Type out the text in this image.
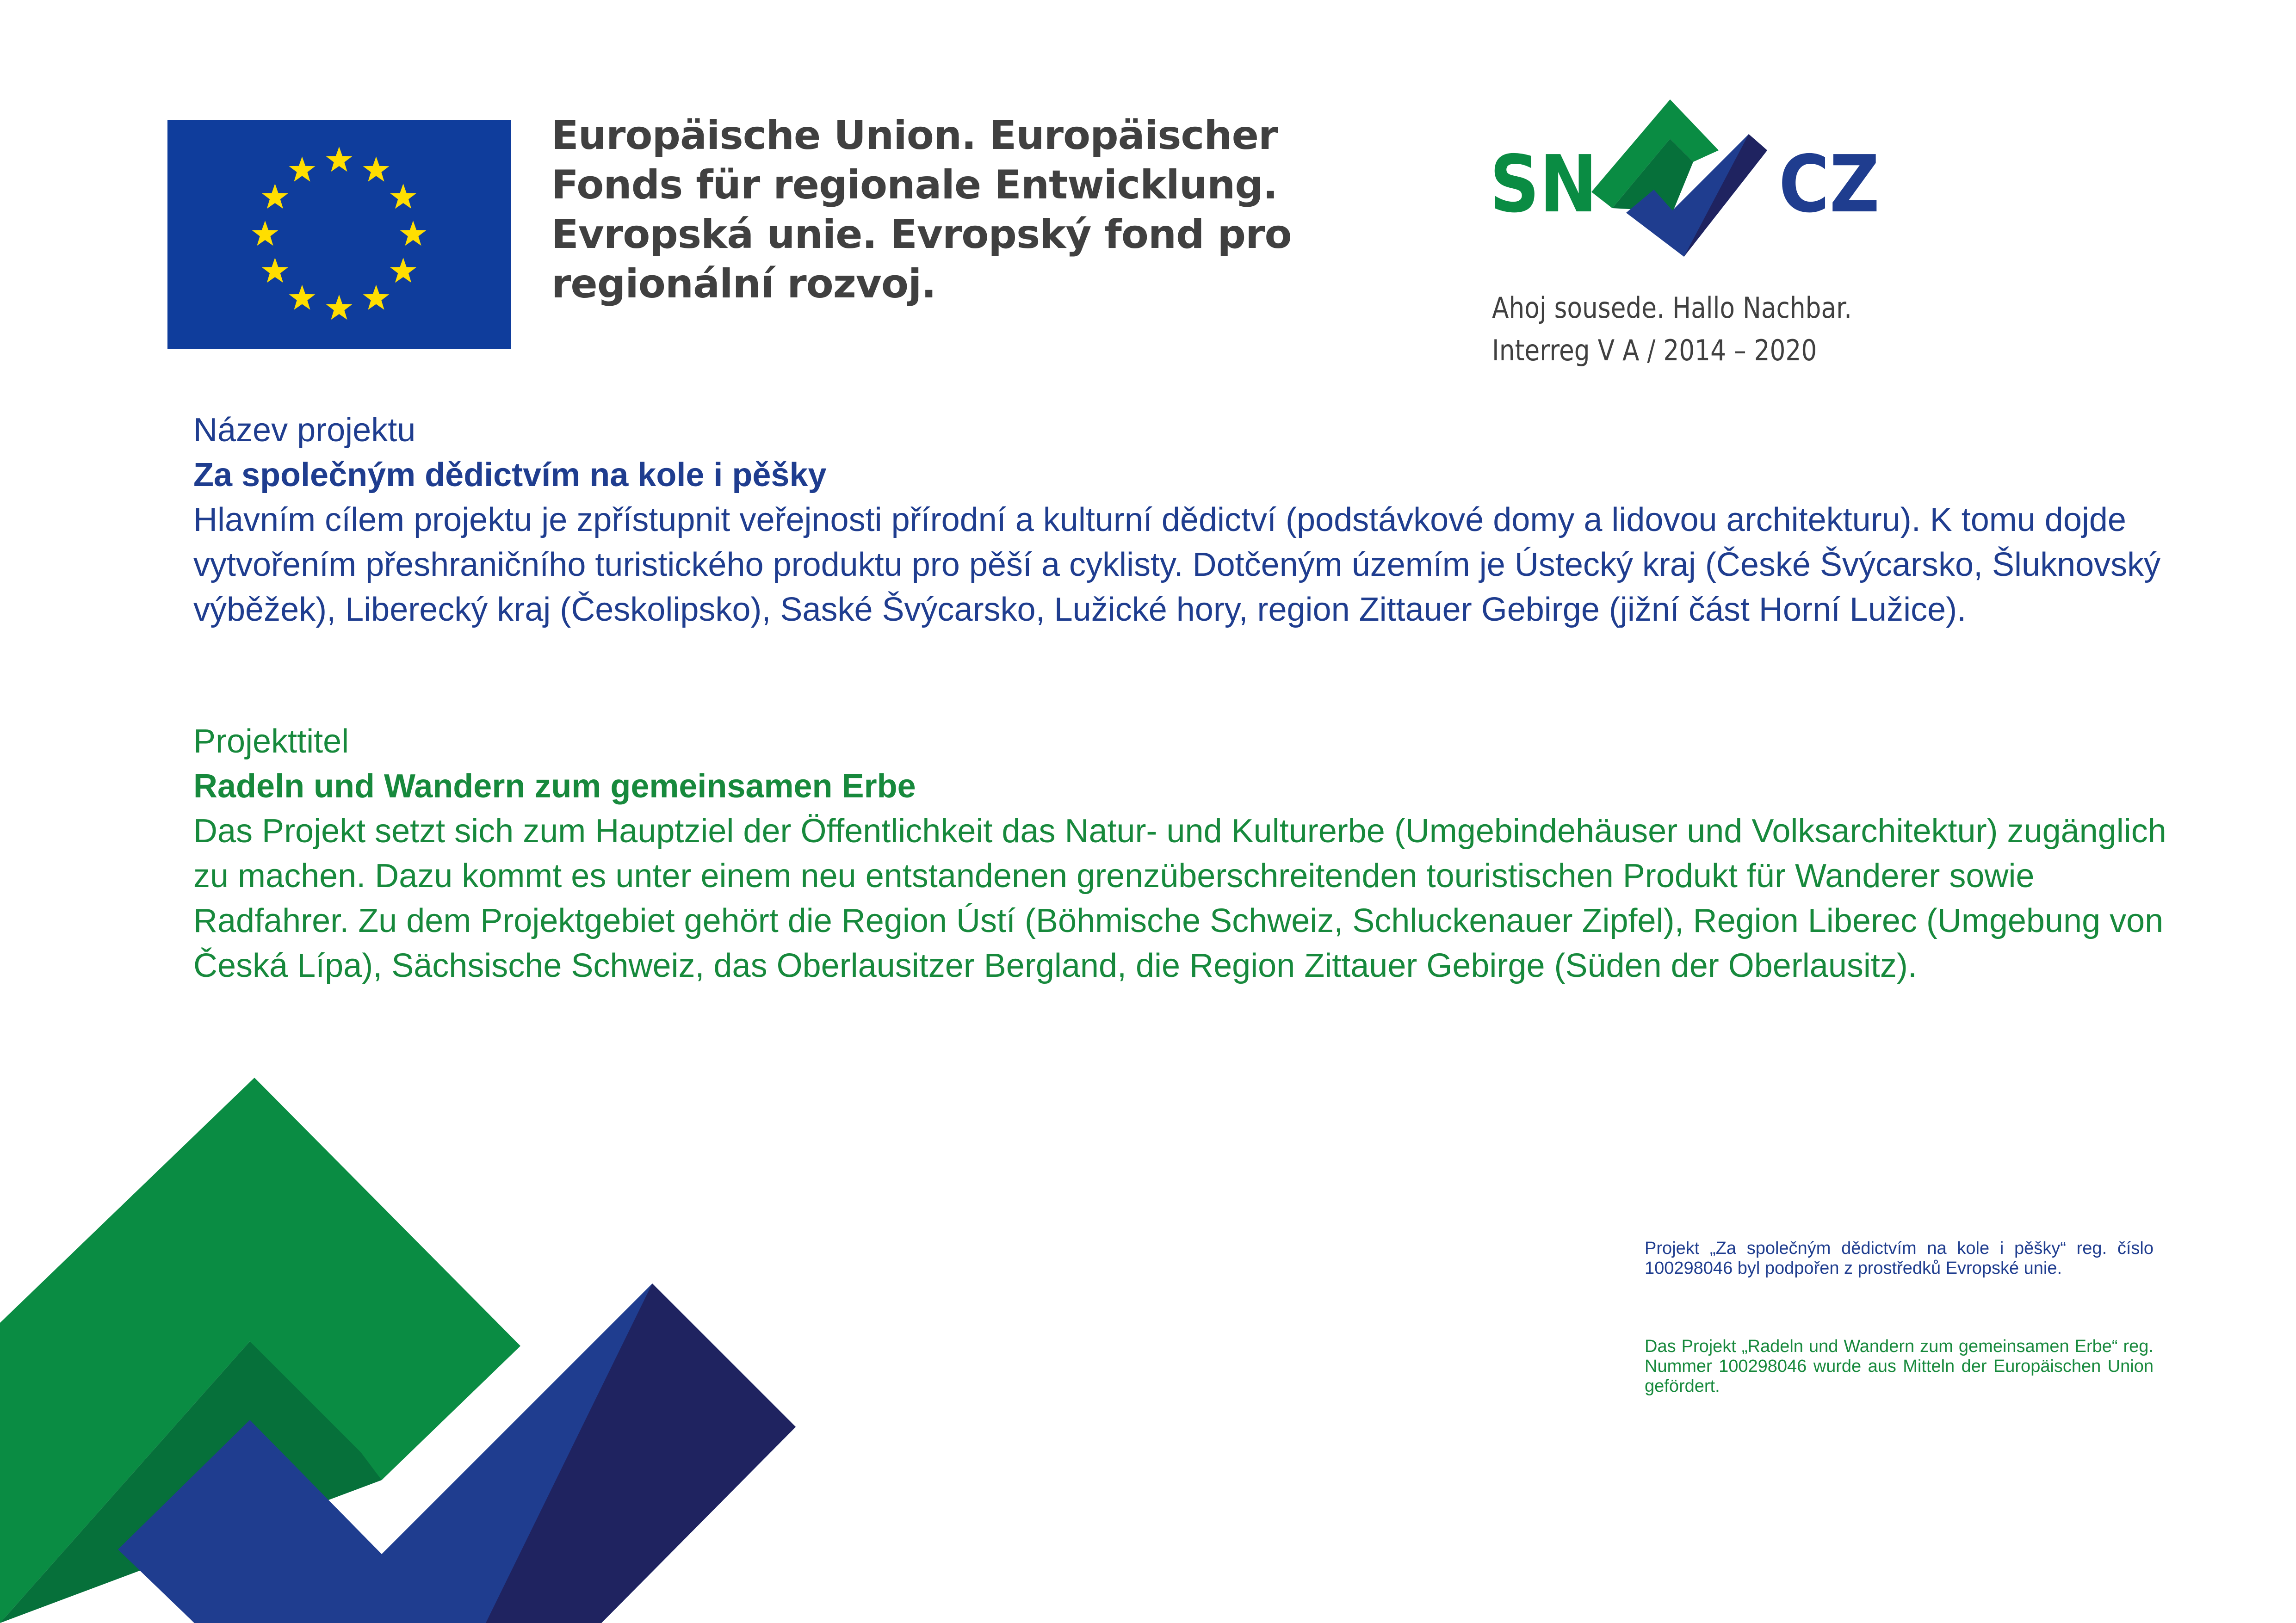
Europäische Union. Europäischer
Fonds für regionale Entwicklung.
Evropská unie. Evropský fond pro
regionální rozvoj.
SN CZ
Ahoj sousede. Hallo Nachbar.
Interreg V A / 2014 – 2020
Název projektu
Za společným dědictvím na kole i pěšky
Hlavním cílem projektu je zpřístupnit veřejnosti přírodní a kulturní dědictví (podstávkové domy a lidovou architekturu). K tomu dojde vytvořením přeshraničního turistického produktu pro pěší a cyklisty. Dotčeným územím je Ústecký kraj (České Švýcarsko, Šluknovský výběžek), Liberecký kraj (Českolipsko), Saské Švýcarsko, Lužické hory, region Zittauer Gebirge (jižní část Horní Lužice).
Projekttitel
Radeln und Wandern zum gemeinsamen Erbe
Das Projekt setzt sich zum Hauptziel der Öffentlichkeit das Natur- und Kulturerbe (Umgebindehäuser und Volksarchitektur) zugänglich zu machen. Dazu kommt es unter einem neu entstandenen grenzüberschreitenden touristischen Produkt für Wanderer sowie Radfahrer. Zu dem Projektgebiet gehört die Region Ústí (Böhmische Schweiz, Schluckenauer Zipfel), Region Liberec (Umgebung von Česká Lípa), Sächsische Schweiz, das Oberlausitzer Bergland, die Region Zittauer Gebirge (Süden der Oberlausitz).
Projekt „Za společným dědictvím na kole i pěšky“ reg. číslo 100298046 byl podpořen z prostředků Evropské unie.
Das Projekt „Radeln und Wandern zum gemeinsamen Erbe“ reg. Nummer 100298046 wurde aus Mitteln der Europäischen Union gefördert.
